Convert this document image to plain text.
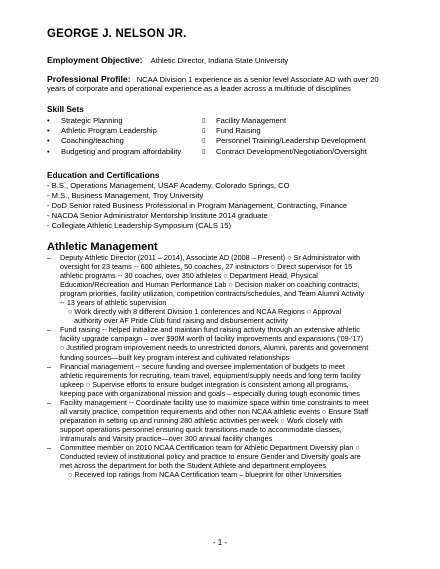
GEORGE J. NELSON JR.
Employment Objective: Athletic Director, Indiana State University
Professional Profile: NCAA Division 1 experience as a senior level Associate AD with over 20
years of corporate and operational experience as a leader across a multitude of disciplines
Skill Sets
•	Strategic Planning	▯	Facility Management
•	Athletic Program Leadership	▯	Fund Raising
•	Coaching/teaching	▯	Personnel Training/Leadership Development
•	Budgeting and program affordability	▯	Contract Development/Negotiation/Oversight
Education and Certifications
- B.S., Operations Management, USAF Academy, Colorado Springs, CO
- M.S., Business Management, Troy University
- DoD Senior rated Business Professional in Program Management, Contracting, Finance
- NACDA Senior Administrator Mentorship Institute 2014 graduate
- Collegiate Athletic Leadership Symposium (CALS 15)
Athletic Management
–	Deputy Athletic Director (2011 – 2014), Associate AD (2008 – Present) ○ Sr Administrator with
oversight for 23 teams -- 600 athletes, 50 coaches, 27 instructors ○ Direct supervisor for 15
athletic programs -- 30 coaches, over 350 athletes ○ Department Head, Physical
Education/Recreation and Human Performance Lab ○ Decision maker on coaching contracts,
program priorities, facility utilization, competition contracts/schedules, and Team Alumni Activity
-- 13 years of athletic supervision
○ Work directly with 8 different Division 1 conferences and NCAA Regions ○ Approval
authority over AF Pride Club fund raising and disbursement activity
–	Fund raising -- helped initialize and maintain fund raising activity through an extensive athletic
facility upgrade campaign – over $90M worth of facility improvements and expansions ('09-'17)
○ Justified program improvement needs to unrestricted donors, Alumni, parents and government
funding sources—built key program interest and cultivated relationships
–	Financial management -- secure funding and oversee implementation of budgets to meet
athletic requirements for recruiting, team travel, equipment/supply needs and long term facility
upkeep ○ Supervise efforts to ensure budget integration is consistent among all programs,
keeping pace with organizational mission and goals – especially during tough economic times
–	Facility management -- Coordinate facility use to maximize space within time constraints to meet
all varsity practice, competition requirements and other non NCAA athletic events ○ Ensure Staff
preparation in setting up and running 280 athletic activities per week ○ Work closely with
support operations personnel ensuring quick transitions made to accommodate classes,
Intramurals and Varsity practice—over 300 annual facility changes
–	Committee member on 2010 NCAA Certification team for Athletic Department Diversity plan ○
Conducted review of institutional policy and practice to ensure Gender and Diversity goals are
met across the department for both the Student Athlete and department employees
○ Received top ratings from NCAA Certification team – blueprint for other Universities
- 1 -
